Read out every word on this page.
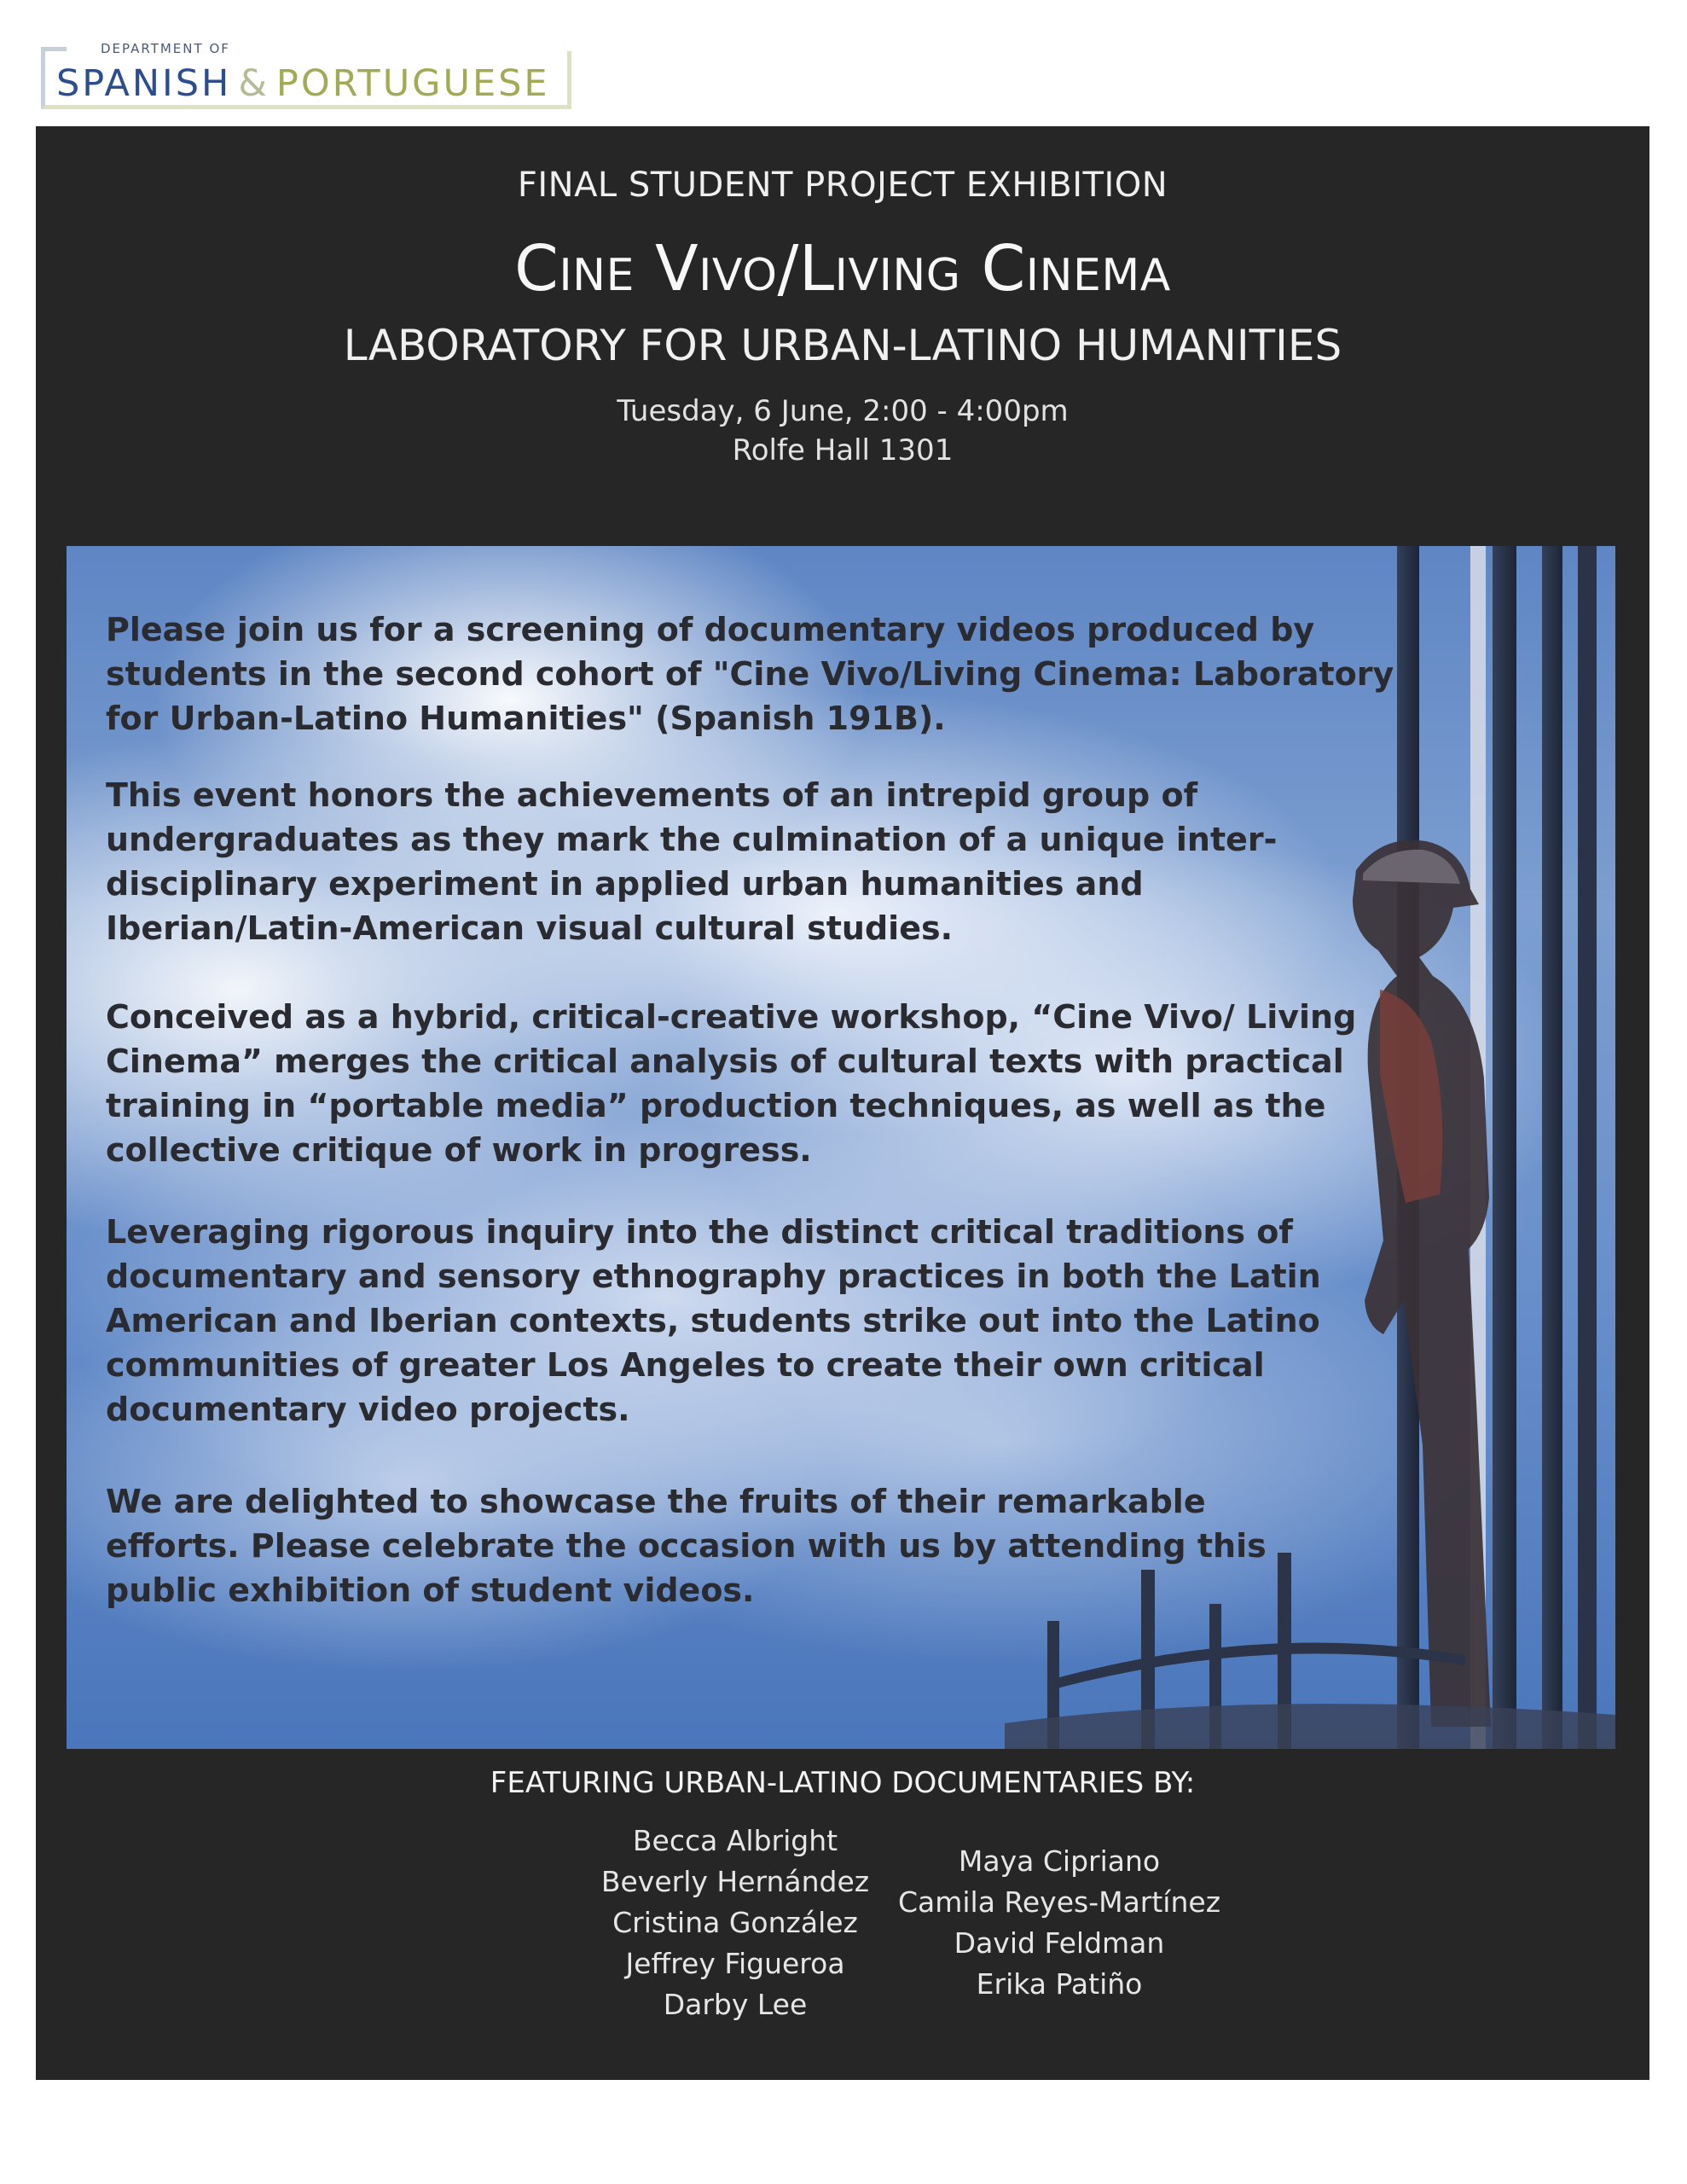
DEPARTMENT OF
SPANISH & PORTUGUESE
FINAL STUDENT PROJECT EXHIBITION
Cine Vivo/Living Cinema
LABORATORY FOR URBAN-LATINO HUMANITIES
Tuesday, 6 June, 2:00 - 4:00pm
Rolfe Hall 1301

Please join us for a screening of documentary videos produced by

students in the second cohort of "Cine Vivo/Living Cinema: Laboratory

for Urban-Latino Humanities" (Spanish 191B).

This event honors the achievements of an intrepid group of

undergraduates as they mark the culmination of a unique inter-

disciplinary experiment in applied urban humanities and

Iberian/Latin-American visual cultural studies.

Conceived as a hybrid, critical-creative workshop, “Cine Vivo/ Living

Cinema” merges the critical analysis of cultural texts with practical

training in “portable media” production techniques, as well as the

collective critique of work in progress.

Leveraging rigorous inquiry into the distinct critical traditions of

documentary and sensory ethnography practices in both the Latin

American and Iberian contexts, students strike out into the Latino

communities of greater Los Angeles to create their own critical

documentary video projects.

We are delighted to showcase the fruits of their remarkable

efforts. Please celebrate the occasion with us by attending this

public exhibition of student videos.

FEATURING URBAN-LATINO DOCUMENTARIES BY:
Becca Albright
Beverly Hernández
Cristina González
Jeffrey Figueroa
Darby Lee
Maya Cipriano
Camila Reyes-Martínez
David Feldman
Erika Patiño
